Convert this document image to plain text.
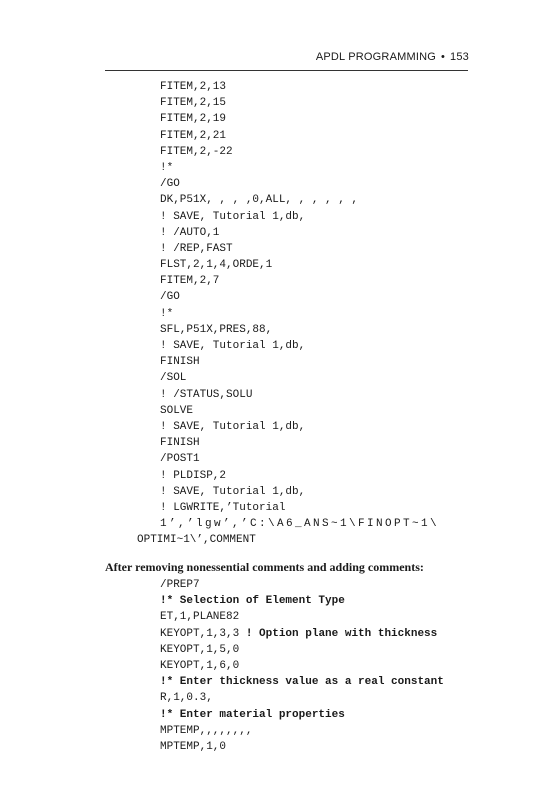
APDL PROGRAMMING • 153
FITEM,2,13
FITEM,2,15
FITEM,2,19
FITEM,2,21
FITEM,2,-22
!*
/GO
DK,P51X, , , ,0,ALL, , , , , ,
! SAVE, Tutorial 1,db,
! /AUTO,1
! /REP,FAST
FLST,2,1,4,ORDE,1
FITEM,2,7
/GO
!*
SFL,P51X,PRES,88,
! SAVE, Tutorial 1,db,
FINISH
/SOL
! /STATUS,SOLU
SOLVE
! SAVE, Tutorial 1,db,
FINISH
/POST1
! PLDISP,2
! SAVE, Tutorial 1,db,
! LGWRITE,’Tutorial
1’,’lgw’,’C:\A6_ANS~1\FINOPT~1\
OPTIMI~1\’,COMMENT
After removing nonessential comments and adding comments:
/PREP7
!* Selection of Element Type
ET,1,PLANE82
KEYOPT,1,3,3 ! Option plane with thickness
KEYOPT,1,5,0
KEYOPT,1,6,0
!* Enter thickness value as a real constant
R,1,0.3,
!* Enter material properties
MPTEMP,,,,,,,,
MPTEMP,1,0
